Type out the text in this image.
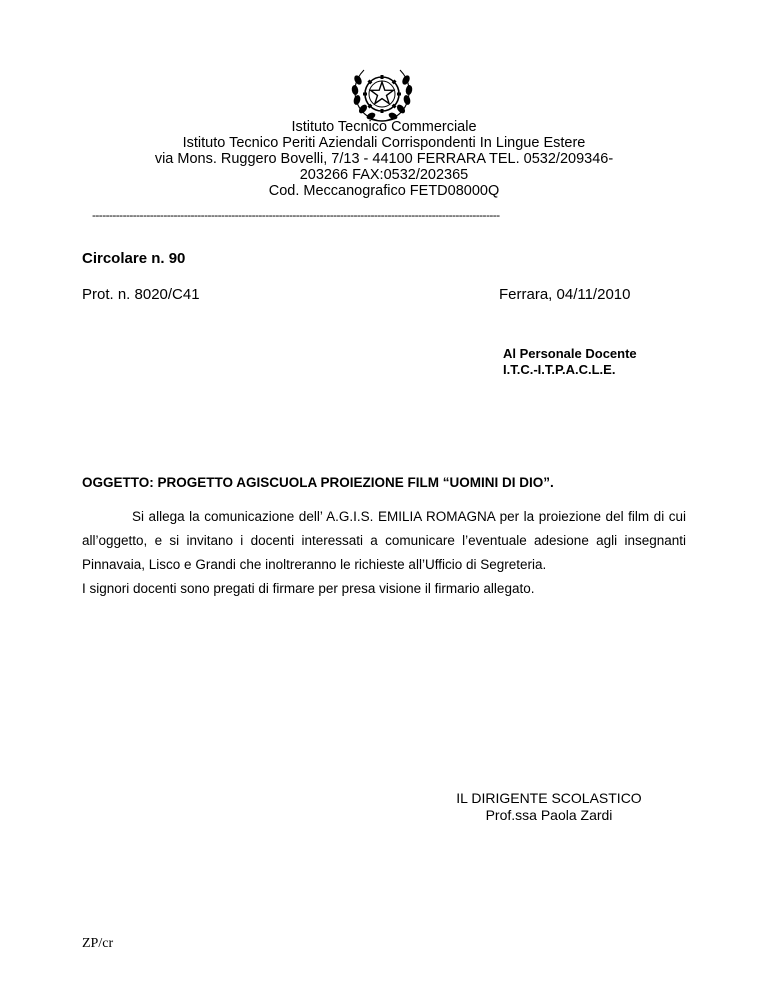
Istituto Tecnico Commerciale
Istituto Tecnico Periti Aziendali Corrispondenti In Lingue Estere
via Mons. Ruggero Bovelli, 7/13 - 44100 FERRARA TEL. 0532/209346-
203266 FAX:0532/202365
Cod. Meccanografico FETD08000Q
------------------------------------------------------------------------------------------------------------------------
Circolare n. 90
Prot. n. 8020/C41	Ferrara, 04/11/2010
Al Personale Docente
I.T.C.-I.T.P.A.C.L.E.
OGGETTO: PROGETTO AGISCUOLA PROIEZIONE FILM “UOMINI DI DIO”.

Si allega la comunicazione dell’ A.G.I.S. EMILIA ROMAGNA per la proiezione del film di cui all’oggetto, e si invitano i docenti interessati a comunicare l’eventuale adesione agli insegnanti Pinnavaia, Lisco e Grandi che inoltreranno le richieste all’Ufficio di Segreteria.

I signori docenti sono pregati di firmare per presa visione il firmario allegato.

IL DIRIGENTE SCOLASTICO
Prof.ssa Paola Zardi
ZP/cr
